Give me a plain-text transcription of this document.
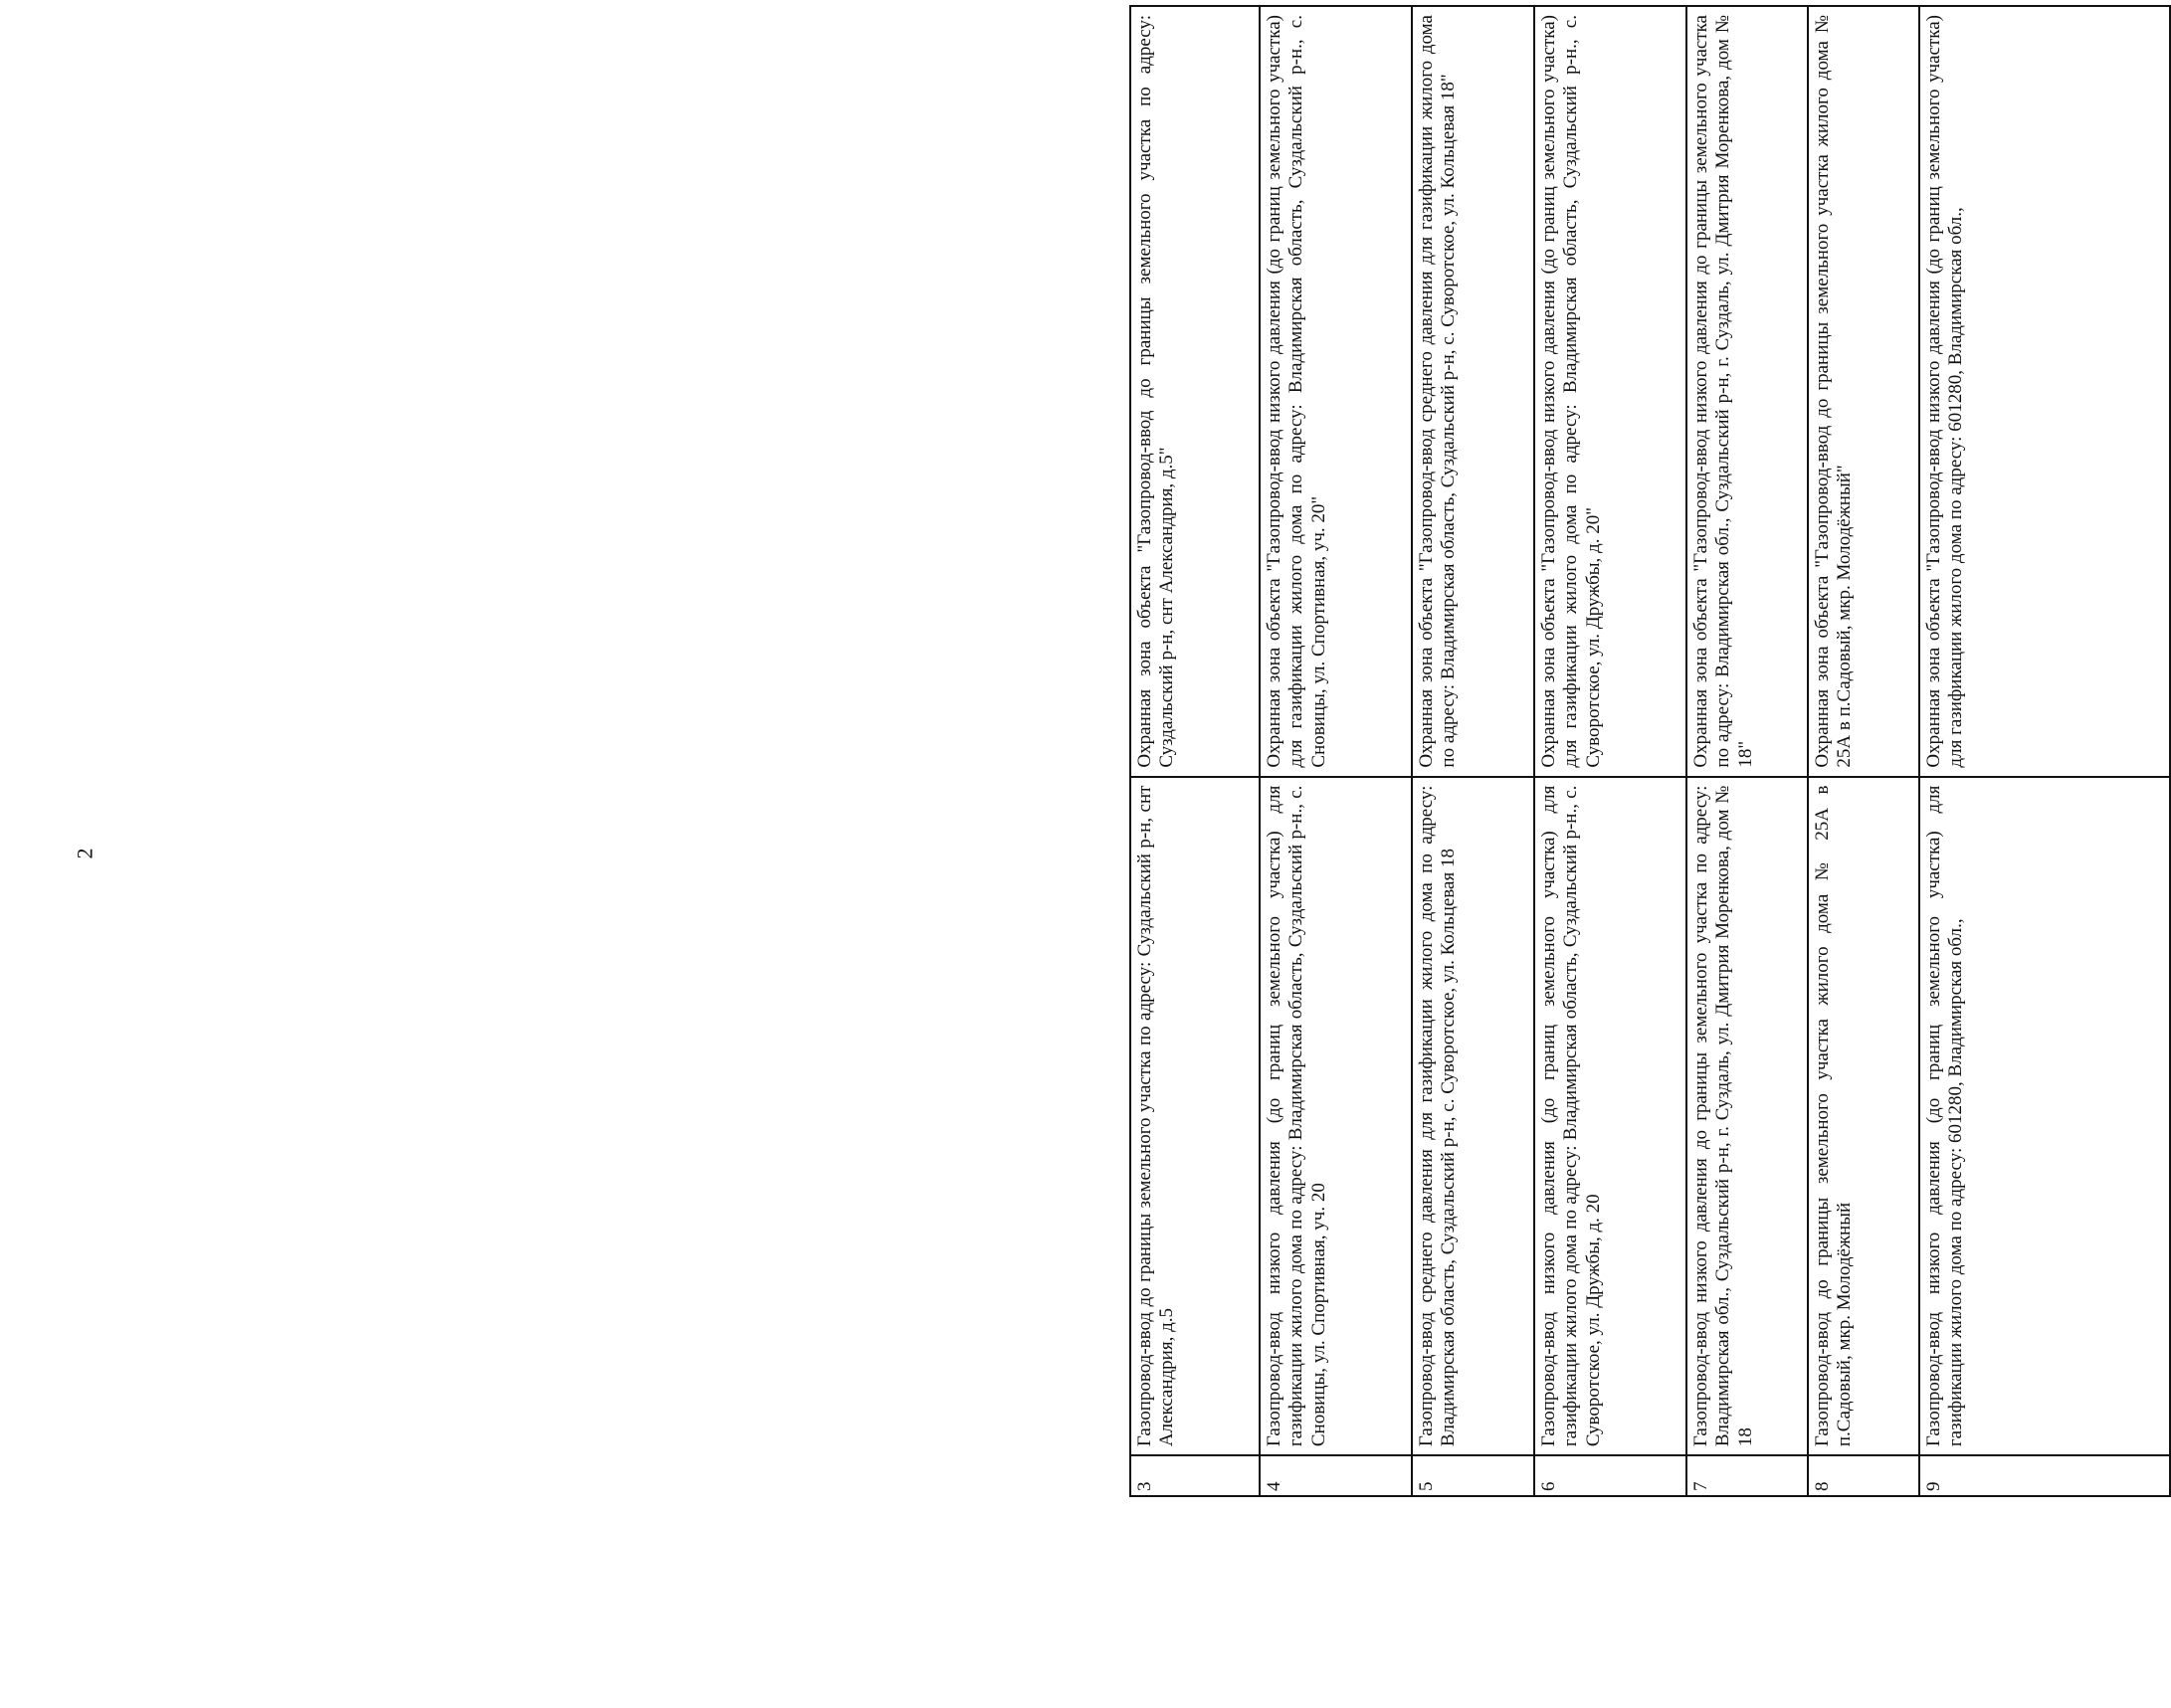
2
3	Газопровод-ввод до границы земельного участка по адресу: Суздальский р-н, снт Александрия, д.5	Охранная зона объекта "Газопровод-ввод до границы земельного участка по адресу: Суздальский р-н, снт Александрия, д.5"
4	Газопровод-ввод низкого давления (до границ земельного участка) для газификации жилого дома по адресу: Владимирская область, Суздальский р-н., с. Сновицы, ул. Спортивная, уч. 20	Охранная зона объекта "Газопровод-ввод низкого давления (до границ земельного участка) для газификации жилого дома по адресу: Владимирская область, Суздальский р-н., с. Сновицы, ул. Спортивная, уч. 20"
5	Газопровод-ввод среднего давления для газификации жилого дома по адресу: Владимирская область, Суздальский р-н, с. Суворотское, ул. Кольцевая 18	Охранная зона объекта "Газопровод-ввод среднего давления для газификации жилого дома по адресу: Владимирская область, Суздальский р-н, с. Суворотское, ул. Кольцевая 18"
6	Газопровод-ввод низкого давления (до границ земельного участка) для газификации жилого дома по адресу: Владимирская область, Суздальский р-н., с. Суворотское, ул. Дружбы, д. 20	Охранная зона объекта "Газопровод-ввод низкого давления (до границ земельного участка) для газификации жилого дома по адресу: Владимирская область, Суздальский р-н., с. Суворотское, ул. Дружбы, д. 20"
7	Газопровод-ввод низкого давления до границы земельного участка по адресу: Владимирская обл., Суздальский р-н, г. Суздаль, ул. Дмитрия Моренкова, дом № 18	Охранная зона объекта "Газопровод-ввод низкого давления до границы земельного участка по адресу: Владимирская обл., Суздальский р-н, г. Суздаль, ул. Дмитрия Моренкова, дом № 18"
8	Газопровод-ввод до границы земельного участка жилого дома № 25А в п.Садовый, мкр. Молодёжный	Охранная зона объекта "Газопровод-ввод до границы земельного участка жилого дома № 25А в п.Садовый, мкр. Молодёжный"
9	Газопровод-ввод низкого давления (до границ земельного участка) для газификации жилого дома по адресу: 601280, Владимирская обл.,	Охранная зона объекта "Газопровод-ввод низкого давления (до границ земельного участка) для газификации жилого дома по адресу: 601280, Владимирская обл.,
